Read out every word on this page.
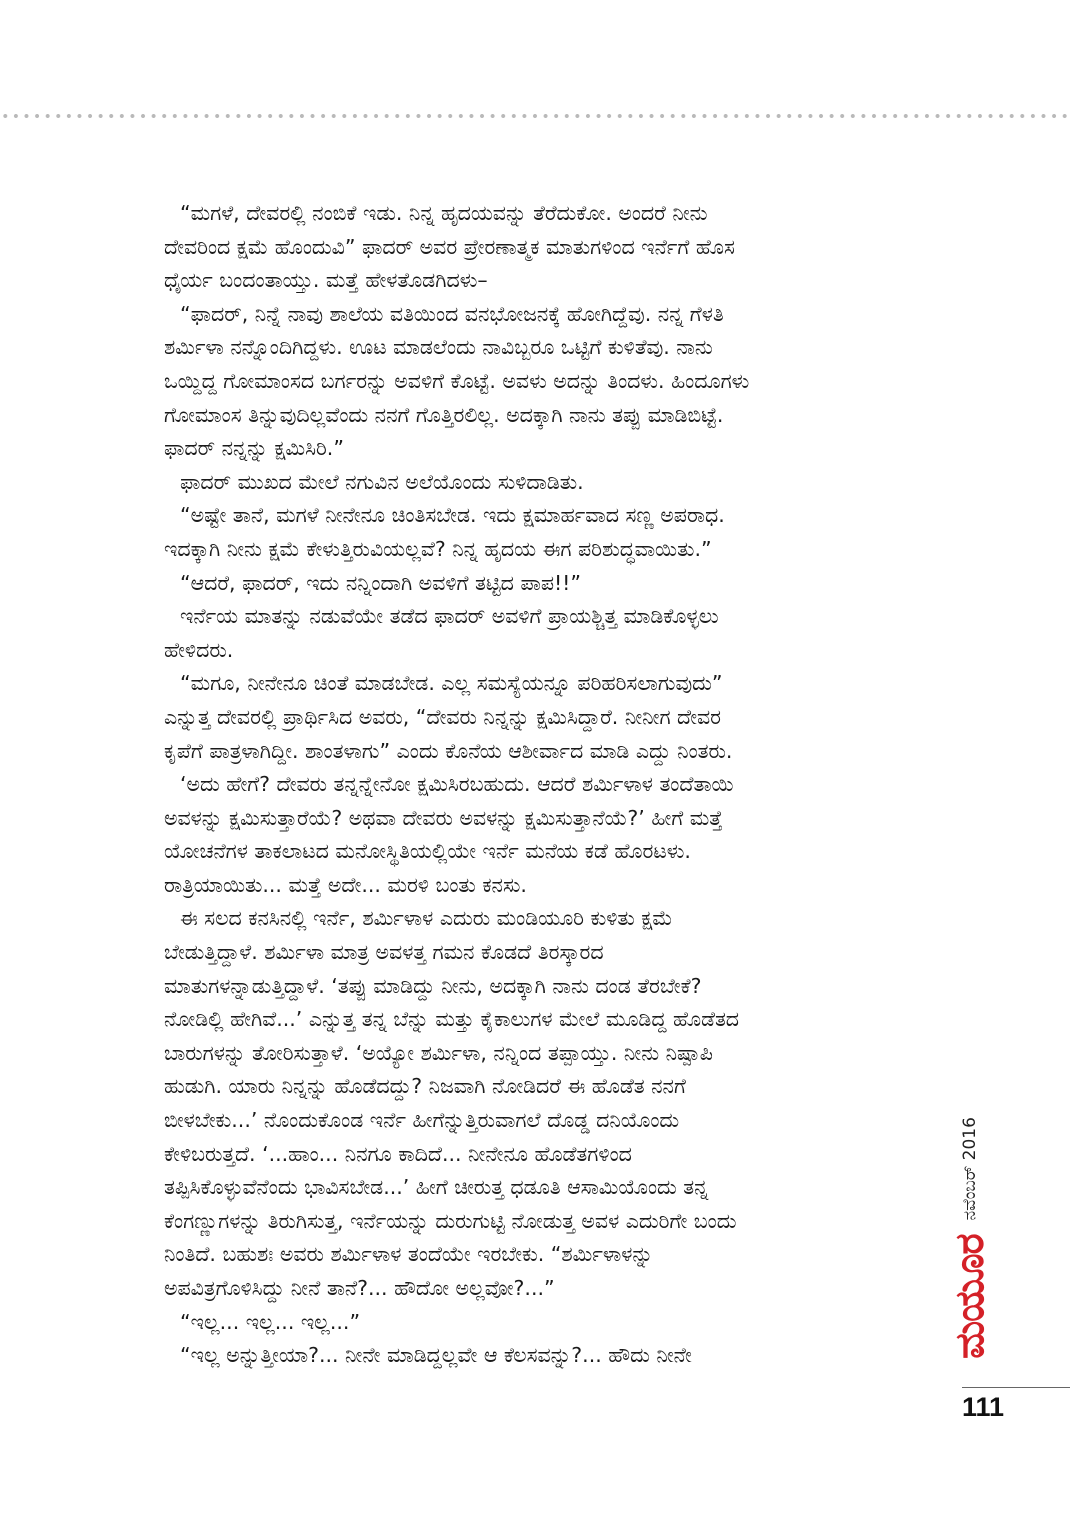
“ಮಗಳೆ, ದೇವರಲ್ಲಿ ನಂಬಿಕೆ ಇಡು. ನಿನ್ನ ಹೃದಯವನ್ನು ತೆರೆದುಕೋ. ಅಂದರೆ ನೀನು
ದೇವರಿಂದ ಕ್ಷಮೆ ಹೊಂದುವಿ” ಫಾದರ್ ಅವರ ಪ್ರೇರಣಾತ್ಮಕ ಮಾತುಗಳಿಂದ ಇರ್ನೆಗೆ ಹೊಸ
ಧೈರ್ಯ ಬಂದಂತಾಯ್ತು. ಮತ್ತೆ ಹೇಳತೊಡಗಿದಳು–
“ಫಾದರ್, ನಿನ್ನೆ ನಾವು ಶಾಲೆಯ ವತಿಯಿಂದ ವನಭೋಜನಕ್ಕೆ ಹೋಗಿದ್ದೆವು. ನನ್ನ ಗೆಳತಿ
ಶರ್ಮಿಳಾ ನನ್ನೊಂದಿಗಿದ್ದಳು. ಊಟ ಮಾಡಲೆಂದು ನಾವಿಬ್ಬರೂ ಒಟ್ಟಿಗೆ ಕುಳಿತೆವು. ನಾನು
ಒಯ್ದಿದ್ದ ಗೋಮಾಂಸದ ಬರ್ಗರನ್ನು ಅವಳಿಗೆ ಕೊಟ್ಟೆ. ಅವಳು ಅದನ್ನು ತಿಂದಳು. ಹಿಂದೂಗಳು
ಗೋಮಾಂಸ ತಿನ್ನುವುದಿಲ್ಲವೆಂದು ನನಗೆ ಗೊತ್ತಿರಲಿಲ್ಲ. ಅದಕ್ಕಾಗಿ ನಾನು ತಪ್ಪು ಮಾಡಿಬಿಟ್ಟೆ.
ಫಾದರ್ ನನ್ನನ್ನು ಕ್ಷಮಿಸಿರಿ.”
ಫಾದರ್ ಮುಖದ ಮೇಲೆ ನಗುವಿನ ಅಲೆಯೊಂದು ಸುಳಿದಾಡಿತು.
“ಅಷ್ಟೇ ತಾನೆ, ಮಗಳೆ ನೀನೇನೂ ಚಿಂತಿಸಬೇಡ. ಇದು ಕ್ಷಮಾರ್ಹವಾದ ಸಣ್ಣ ಅಪರಾಧ.
ಇದಕ್ಕಾಗಿ ನೀನು ಕ್ಷಮೆ ಕೇಳುತ್ತಿರುವಿಯಲ್ಲವೆ? ನಿನ್ನ ಹೃದಯ ಈಗ ಪರಿಶುದ್ಧವಾಯಿತು.”
“ಆದರೆ, ಫಾದರ್, ಇದು ನನ್ನಿಂದಾಗಿ ಅವಳಿಗೆ ತಟ್ಟಿದ ಪಾಪ!!”
ಇರ್ನೆಯ ಮಾತನ್ನು ನಡುವೆಯೇ ತಡೆದ ಫಾದರ್ ಅವಳಿಗೆ ಪ್ರಾಯಶ್ಚಿತ್ತ ಮಾಡಿಕೊಳ್ಳಲು
ಹೇಳಿದರು.
“ಮಗೂ, ನೀನೇನೂ ಚಿಂತೆ ಮಾಡಬೇಡ. ಎಲ್ಲ ಸಮಸ್ಯೆಯನ್ನೂ ಪರಿಹರಿಸಲಾಗುವುದು”
ಎನ್ನುತ್ತ ದೇವರಲ್ಲಿ ಪ್ರಾರ್ಥಿಸಿದ ಅವರು, “ದೇವರು ನಿನ್ನನ್ನು ಕ್ಷಮಿಸಿದ್ದಾರೆ. ನೀನೀಗ ದೇವರ
ಕೃಪೆಗೆ ಪಾತ್ರಳಾಗಿದ್ದೀ. ಶಾಂತಳಾಗು” ಎಂದು ಕೊನೆಯ ಆಶೀರ್ವಾದ ಮಾಡಿ ಎದ್ದು ನಿಂತರು.
‘ಅದು ಹೇಗೆ? ದೇವರು ತನ್ನನ್ನೇನೋ ಕ್ಷಮಿಸಿರಬಹುದು. ಆದರೆ ಶರ್ಮಿಳಾಳ ತಂದೆತಾಯಿ
ಅವಳನ್ನು ಕ್ಷಮಿಸುತ್ತಾರೆಯೆ? ಅಥವಾ ದೇವರು ಅವಳನ್ನು ಕ್ಷಮಿಸುತ್ತಾನೆಯೆ?’ ಹೀಗೆ ಮತ್ತೆ
ಯೋಚನೆಗಳ ತಾಕಲಾಟದ ಮನೋಸ್ಥಿತಿಯಲ್ಲಿಯೇ ಇರ್ನೆ ಮನೆಯ ಕಡೆ ಹೊರಟಳು.
ರಾತ್ರಿಯಾಯಿತು... ಮತ್ತೆ ಅದೇ... ಮರಳಿ ಬಂತು ಕನಸು.
ಈ ಸಲದ ಕನಸಿನಲ್ಲಿ ಇರ್ನೆ, ಶರ್ಮಿಳಾಳ ಎದುರು ಮಂಡಿಯೂರಿ ಕುಳಿತು ಕ್ಷಮೆ
ಬೇಡುತ್ತಿದ್ದಾಳೆ. ಶರ್ಮಿಳಾ ಮಾತ್ರ ಅವಳತ್ತ ಗಮನ ಕೊಡದೆ ತಿರಸ್ಕಾರದ
ಮಾತುಗಳನ್ನಾಡುತ್ತಿದ್ದಾಳೆ. ‘ತಪ್ಪು ಮಾಡಿದ್ದು ನೀನು, ಅದಕ್ಕಾಗಿ ನಾನು ದಂಡ ತೆರಬೇಕೆ?
ನೋಡಿಲ್ಲಿ ಹೇಗಿವೆ...’ ಎನ್ನುತ್ತ ತನ್ನ ಬೆನ್ನು ಮತ್ತು ಕೈಕಾಲುಗಳ ಮೇಲೆ ಮೂಡಿದ್ದ ಹೊಡೆತದ
ಬಾರುಗಳನ್ನು ತೋರಿಸುತ್ತಾಳೆ. ‘ಅಯ್ಯೋ ಶರ್ಮಿಳಾ, ನನ್ನಿಂದ ತಪ್ಪಾಯ್ತು. ನೀನು ನಿಷ್ಪಾಪಿ
ಹುಡುಗಿ. ಯಾರು ನಿನ್ನನ್ನು ಹೊಡೆದದ್ದು? ನಿಜವಾಗಿ ನೋಡಿದರೆ ಈ ಹೊಡೆತ ನನಗೆ
ಬೀಳಬೇಕು...’ ನೊಂದುಕೊಂಡ ಇರ್ನೆ ಹೀಗೆನ್ನುತ್ತಿರುವಾಗಲೆ ದೊಡ್ಡ ದನಿಯೊಂದು
ಕೇಳಿಬರುತ್ತದೆ. ‘...ಹಾಂ... ನಿನಗೂ ಕಾದಿದೆ... ನೀನೇನೂ ಹೊಡೆತಗಳಿಂದ
ತಪ್ಪಿಸಿಕೊಳ್ಳುವೆನೆಂದು ಭಾವಿಸಬೇಡ...’ ಹೀಗೆ ಚೀರುತ್ತ ಧಡೂತಿ ಆಸಾಮಿಯೊಂದು ತನ್ನ
ಕೆಂಗಣ್ಣುಗಳನ್ನು ತಿರುಗಿಸುತ್ತ, ಇರ್ನೆಯನ್ನು ದುರುಗುಟ್ಟಿ ನೋಡುತ್ತ ಅವಳ ಎದುರಿಗೇ ಬಂದು
ನಿಂತಿದೆ. ಬಹುಶಃ ಅವರು ಶರ್ಮಿಳಾಳ ತಂದೆಯೇ ಇರಬೇಕು. “ಶರ್ಮಿಳಾಳನ್ನು
ಅಪವಿತ್ರಗೊಳಿಸಿದ್ದು ನೀನೆ ತಾನೆ?... ಹೌದೋ ಅಲ್ಲವೋ?...”
“ಇಲ್ಲ... ಇಲ್ಲ... ಇಲ್ಲ...”
“ಇಲ್ಲ ಅನ್ನುತ್ತೀಯಾ?... ನೀನೇ ಮಾಡಿದ್ದಲ್ಲವೇ ಆ ಕೆಲಸವನ್ನು?... ಹೌದು ನೀನೇ	ಮಯೂರ
ನವೆಂಬರ್ 2016
111
